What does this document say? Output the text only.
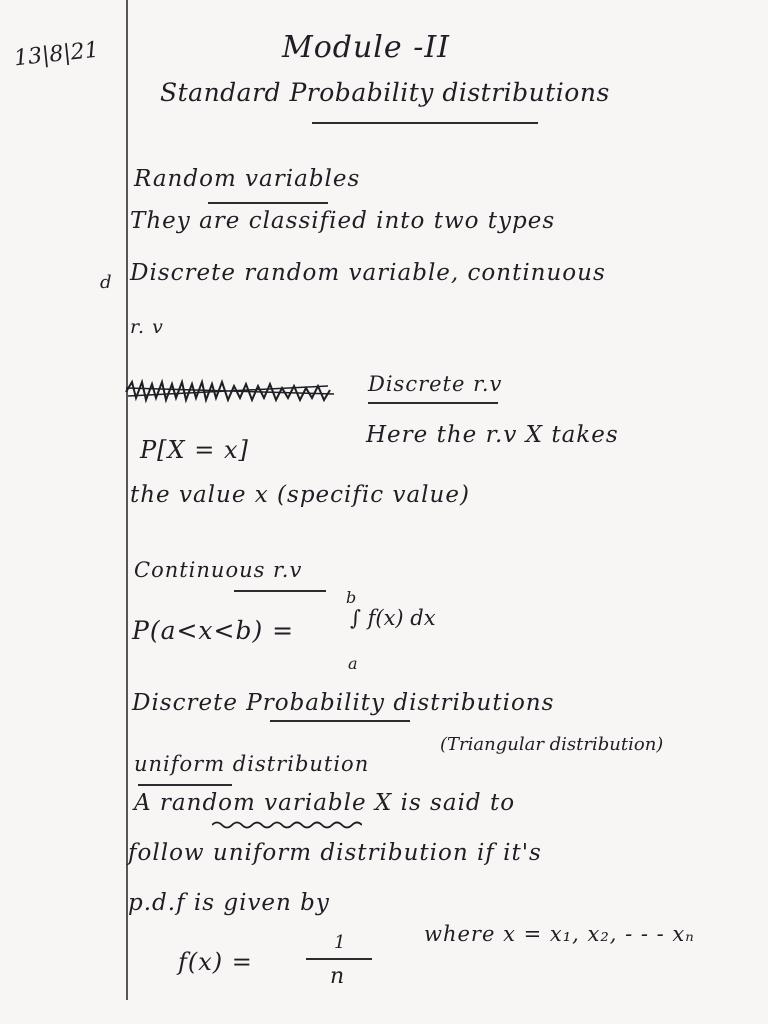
13|8|21	Module -II
Standard Probability distributions
Random variables
They are classified into two types
d Discrete random variable, continuous
r. v
Discrete r.v
P[X = x]
Here the r.v X takes
the value x (specific value)
Continuous r.v
P(a<x<b) =
b
∫ f(x) dx
a
Discrete Probability distributions
uniform distribution
(Triangular distribution)
A random variable X is said to
follow uniform distribution if it's
p.d.f is given by
f(x) =
1
n
where x = x₁, x₂, - - - xₙ
